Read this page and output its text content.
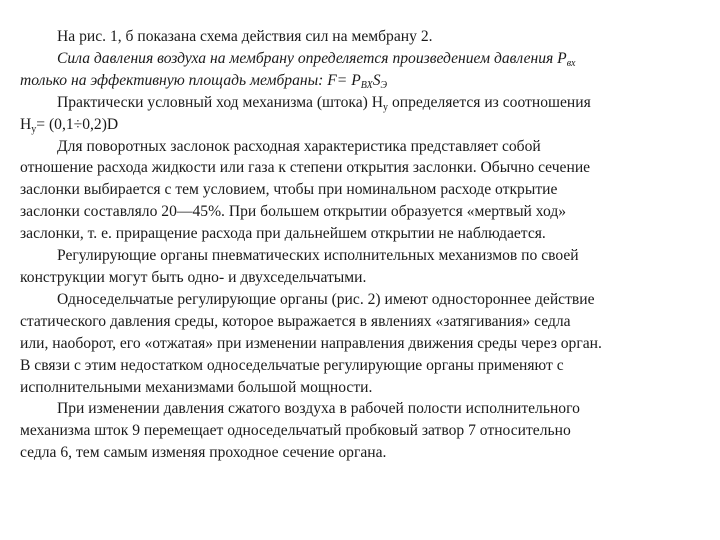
На рис. 1, б показана схема действия сил на мембрану 2.
Сила давления воздуха на мембрану определяется произведением давления $P_{вх}$
только на эффективную площадь мембраны: $F= P_{ВХ}S_Э$
Практически условный ход механизма (штока) $H_у$ определяется из соотношения
$H_у= (0,1\div 0,2)D$
Для поворотных заслонок расходная характеристика представляет собой
отношение расхода жидкости или газа к степени открытия заслонки. Обычно сечение
заслонки выбирается с тем условием, чтобы при номинальном расходе открытие
заслонки составляло 20—45%. При большем открытии образуется «мертвый ход»
заслонки, т. е. приращение расхода при дальнейшем открытии не наблюдается.
Регулирующие органы пневматических исполнительных механизмов по своей
конструкции могут быть одно- и двухседельчатыми.
Односедельчатые регулирующие органы (рис. 2) имеют одностороннее действие
статического давления среды, которое выражается в явлениях «затягивания» седла
или, наоборот, его «отжатая» при изменении направления движения среды через орган.
В связи с этим недостатком односедельчатые регулирующие органы применяют с
исполнительными механизмами большой мощности.
При изменении давления сжатого воздуха в рабочей полости исполнительного
механизма шток 9 перемещает односедельчатый пробковый затвор 7 относительно
седла 6, тем самым изменяя проходное сечение органа.
